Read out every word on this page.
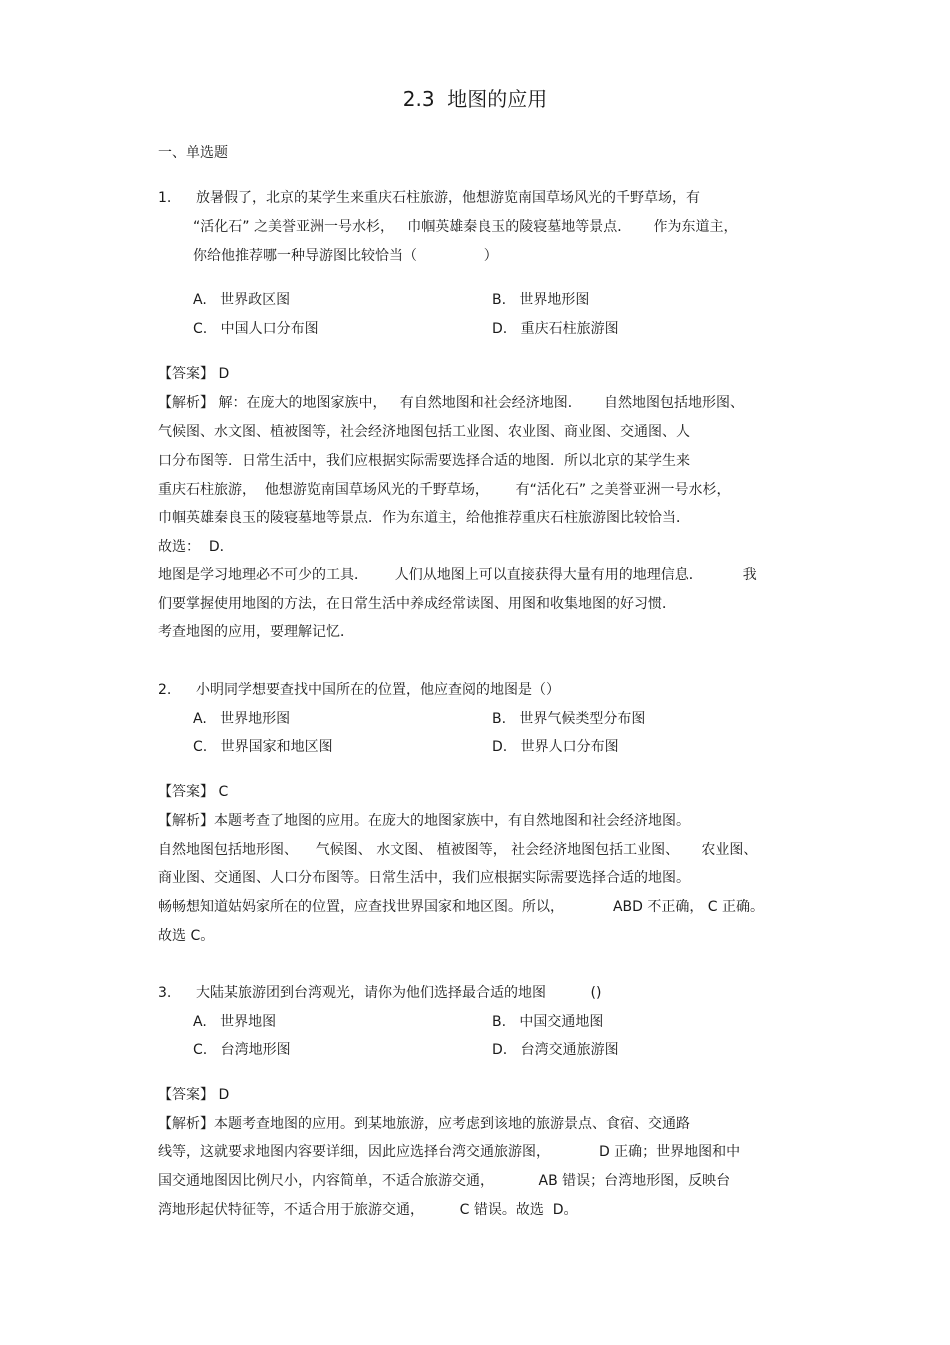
2.3  地图的应用
一、单选题
1. 放暑假了，北京的某学生来重庆石柱旅游，他想游览南国草场风光的千野草场，有
“活化石” 之美誉亚洲一号水杉，   巾帼英雄秦良玉的陵寝墓地等景点．     作为东道主，
你给他推荐哪一种导游图比较恰当（               ）
A.   世界政区图	B.   世界地形图
C.   中国人口分布图	D.   重庆石柱旅游图
【答案】 D
【解析】 解：在庞大的地图家族中，   有自然地图和社会经济地图．     自然地图包括地形图、
气候图、水文图、植被图等，社会经济地图包括工业图、农业图、商业图、交通图、人
口分布图等．日常生活中，我们应根据实际需要选择合适的地图．所以北京的某学生来
重庆石柱旅游，  他想游览南国草场风光的千野草场，      有“活化石” 之美誉亚洲一号水杉，
巾帼英雄秦良玉的陵寝墓地等景点．作为东道主，给他推荐重庆石柱旅游图比较恰当．
故选：  D．
地图是学习地理必不可少的工具．      人们从地图上可以直接获得大量有用的地理信息．         我
们要掌握使用地图的方法，在日常生活中养成经常读图、用图和收集地图的好习惯．
考查地图的应用，要理解记忆．
2. 小明同学想要查找中国所在的位置，他应查阅的地图是（）
A.   世界地形图	B.   世界气候类型分布图
C.   世界国家和地区图	D.   世界人口分布图
【答案】 C
【解析】本题考查了地图的应用。在庞大的地图家族中，有自然地图和社会经济地图。
自然地图包括地形图、    气候图、 水文图、 植被图等， 社会经济地图包括工业图、     农业图、
商业图、交通图、人口分布图等。日常生活中，我们应根据实际需要选择合适的地图。
畅畅想知道姑妈家所在的位置，应查找世界国家和地区图。所以，           ABD 不正确， C 正确。
故选 C。
3. 大陆某旅游团到台湾观光，请你为他们选择最合适的地图          ()
A.   世界地图	B.   中国交通地图
C.   台湾地形图	D.   台湾交通旅游图
【答案】 D
【解析】本题考查地图的应用。到某地旅游，应考虑到该地的旅游景点、食宿、交通路
线等，这就要求地图内容要详细，因此应选择台湾交通旅游图，           D 正确；世界地图和中
国交通地图因比例尺小，内容简单，不适合旅游交通，          AB 错误；台湾地形图，反映台
湾地形起伏特征等，不适合用于旅游交通，        C 错误。故选  D。
